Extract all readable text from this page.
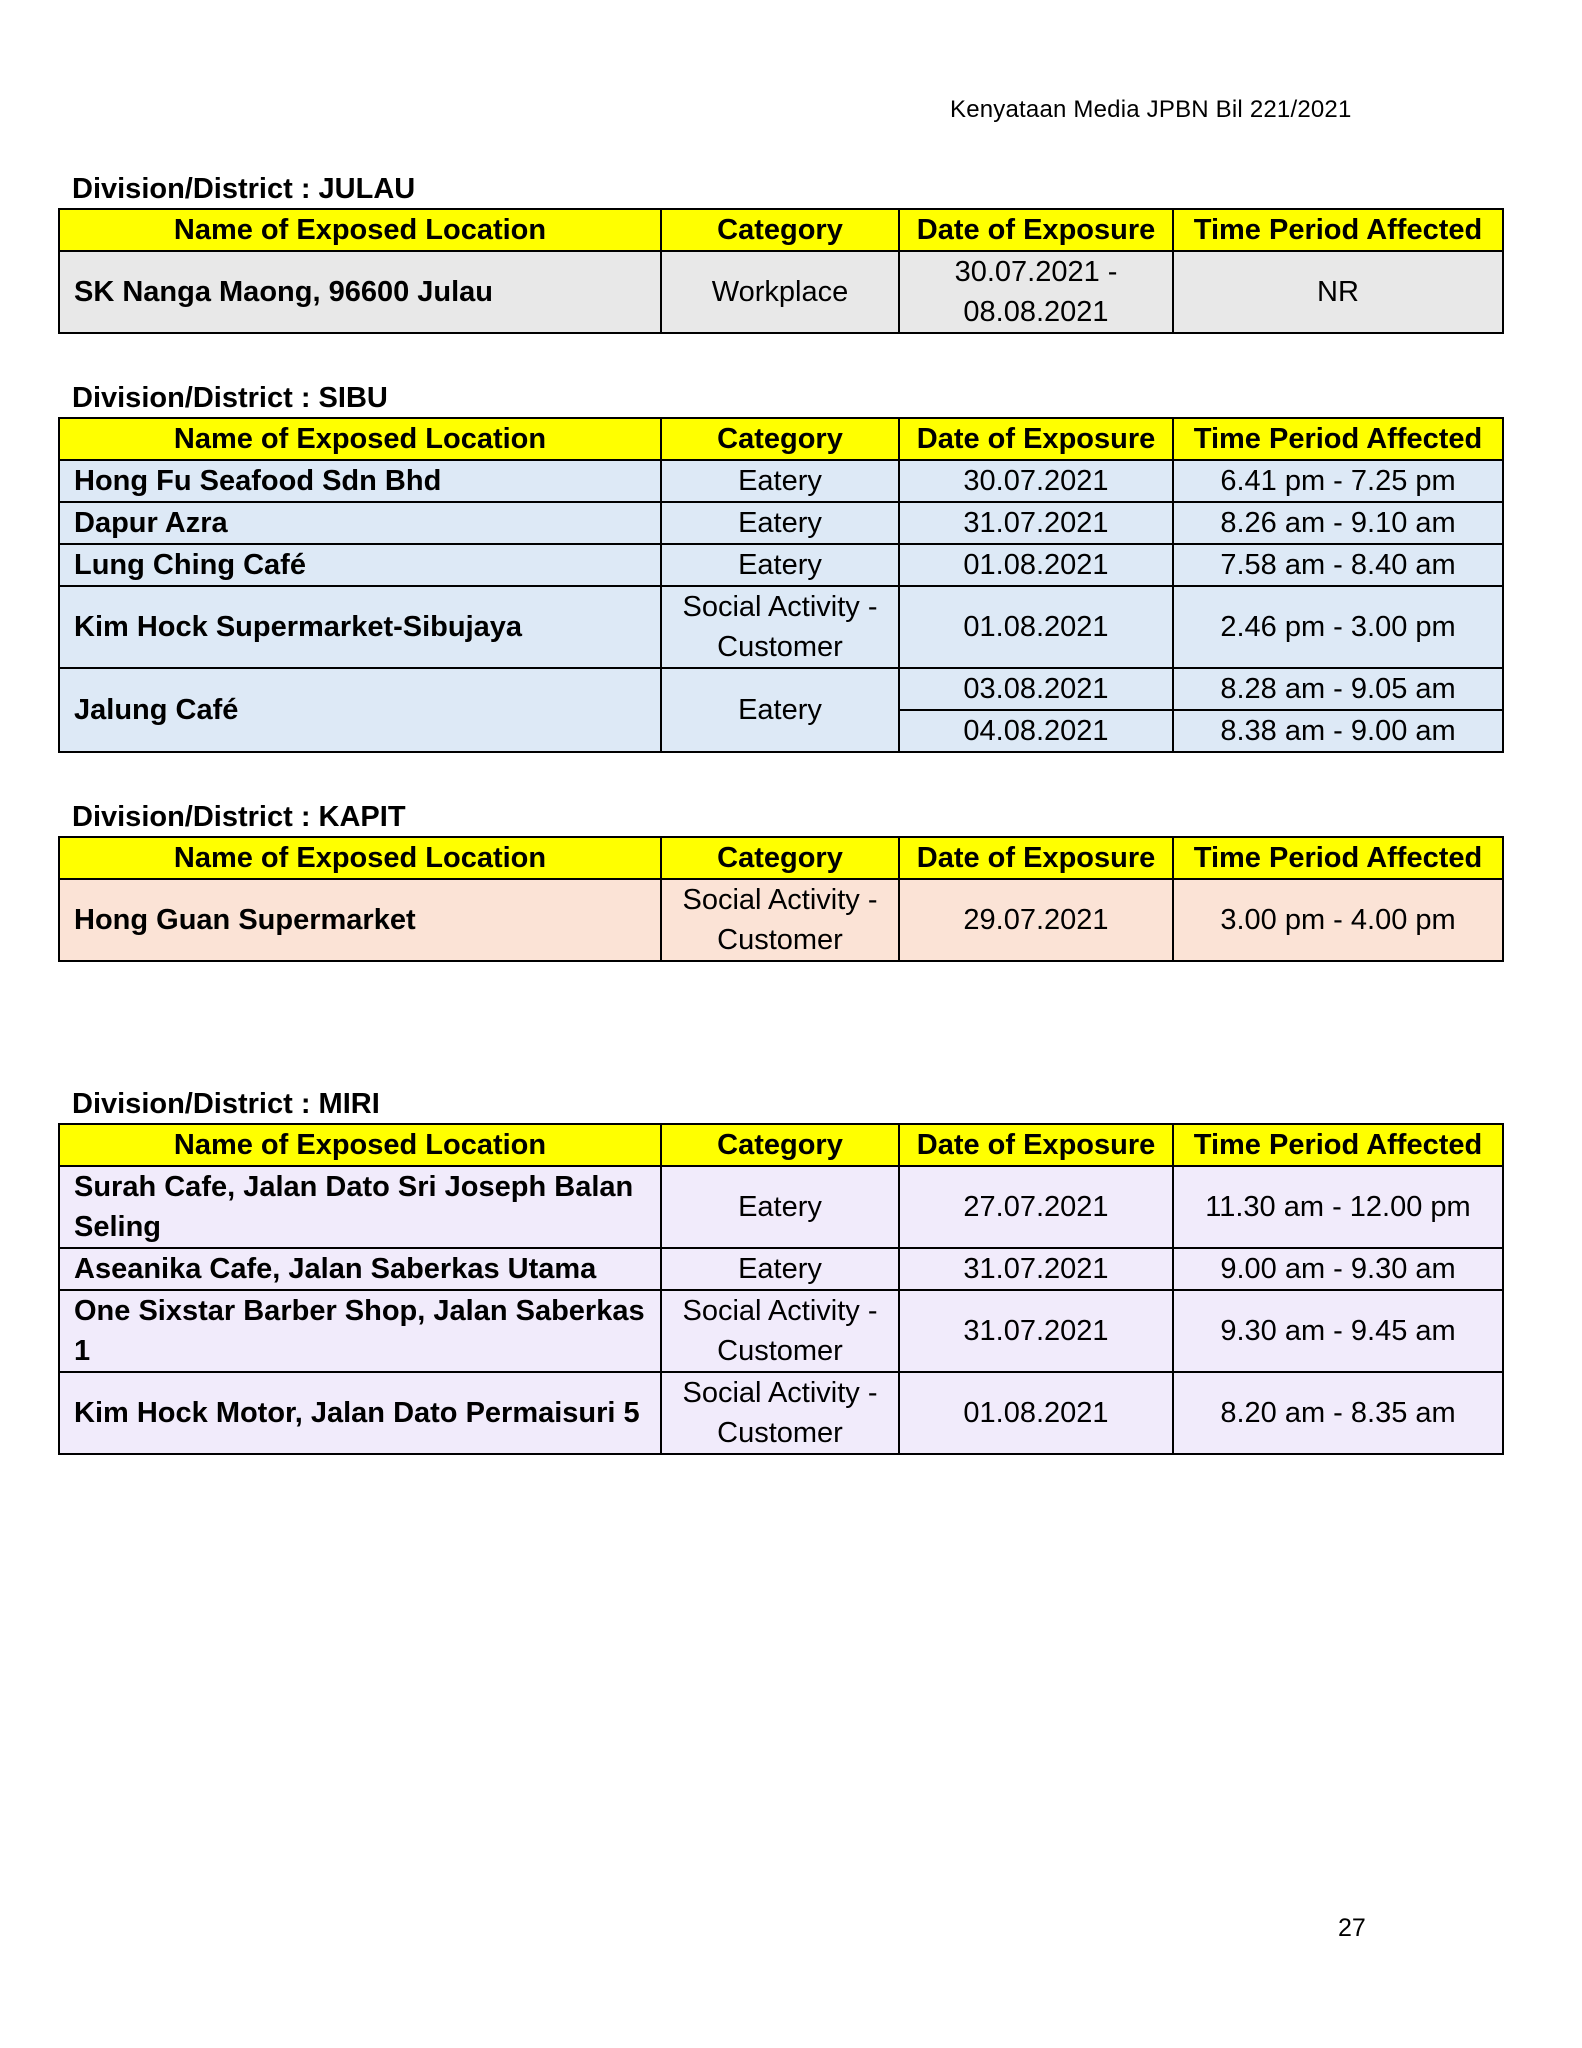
Kenyataan Media JPBN Bil 221/2021
Division/District : JULAU
Name of Exposed Location	Category	Date of Exposure	Time Period Affected
SK Nanga Maong, 96600 Julau	Workplace	30.07.2021 - 08.08.2021	NR
Division/District : SIBU
Name of Exposed Location	Category	Date of Exposure	Time Period Affected
Hong Fu Seafood Sdn Bhd	Eatery	30.07.2021	6.41 pm - 7.25 pm
Dapur Azra	Eatery	31.07.2021	8.26 am - 9.10 am
Lung Ching Café	Eatery	01.08.2021	7.58 am - 8.40 am
Kim Hock Supermarket-Sibujaya	Social Activity - Customer	01.08.2021	2.46 pm - 3.00 pm
Jalung Café	Eatery	03.08.2021	8.28 am - 9.05 am
		04.08.2021	8.38 am - 9.00 am
Division/District : KAPIT
Name of Exposed Location	Category	Date of Exposure	Time Period Affected
Hong Guan Supermarket	Social Activity - Customer	29.07.2021	3.00 pm - 4.00 pm
Division/District : MIRI
Name of Exposed Location	Category	Date of Exposure	Time Period Affected
Surah Cafe, Jalan Dato Sri Joseph Balan Seling	Eatery	27.07.2021	11.30 am - 12.00 pm
Aseanika Cafe, Jalan Saberkas Utama	Eatery	31.07.2021	9.00 am - 9.30 am
One Sixstar Barber Shop, Jalan Saberkas 1	Social Activity - Customer	31.07.2021	9.30 am - 9.45 am
Kim Hock Motor, Jalan Dato Permaisuri 5	Social Activity - Customer	01.08.2021	8.20 am - 8.35 am
27
